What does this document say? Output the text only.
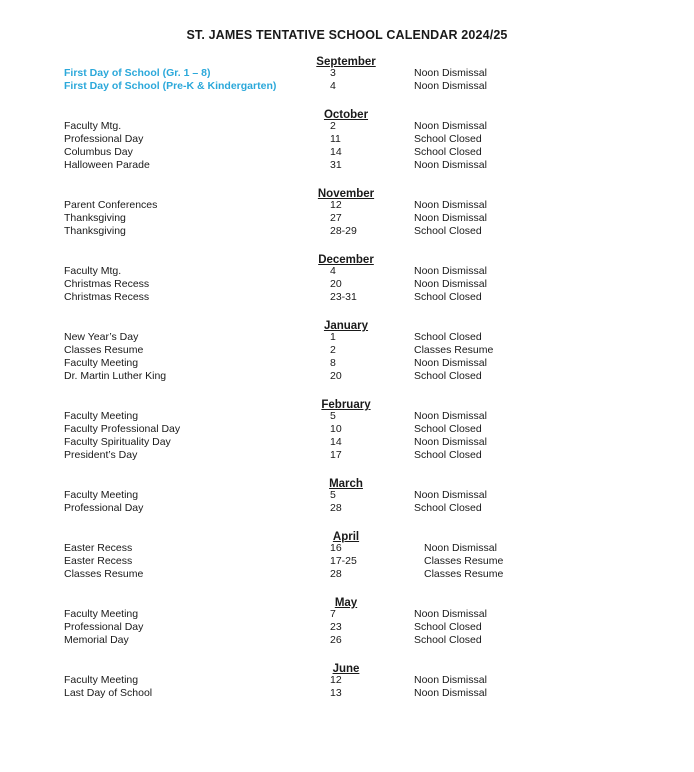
ST. JAMES TENTATIVE SCHOOL CALENDAR 2024/25
September
First Day of School (Gr. 1 – 8)	3	Noon Dismissal
First Day of School (Pre-K & Kindergarten)	4	Noon Dismissal
October
Faculty Mtg.	2	Noon Dismissal
Professional Day	11	School Closed
Columbus Day	14	School Closed
Halloween Parade	31	Noon Dismissal
November
Parent Conferences	12	Noon Dismissal
Thanksgiving	27	Noon Dismissal
Thanksgiving	28-29	School Closed
December
Faculty Mtg.	4	Noon Dismissal
Christmas Recess	20	Noon Dismissal
Christmas Recess	23-31	School Closed
January
New Year’s Day	1	School Closed
Classes Resume	2	Classes Resume
Faculty Meeting	8	Noon Dismissal
Dr. Martin Luther King	20	School Closed
February
Faculty Meeting	5	Noon Dismissal
Faculty Professional Day	10	School Closed
Faculty Spirituality Day	14	Noon Dismissal
President’s Day	17	School Closed
March
Faculty Meeting	5	Noon Dismissal
Professional Day	28	School Closed
April
Easter Recess	16	Noon Dismissal
Easter Recess	17-25	Classes Resume
Classes Resume	28	Classes Resume
May
Faculty Meeting	7	Noon Dismissal
Professional Day	23	School Closed
Memorial Day	26	School Closed
June
Faculty Meeting	12	Noon Dismissal
Last Day of School	13	Noon Dismissal
